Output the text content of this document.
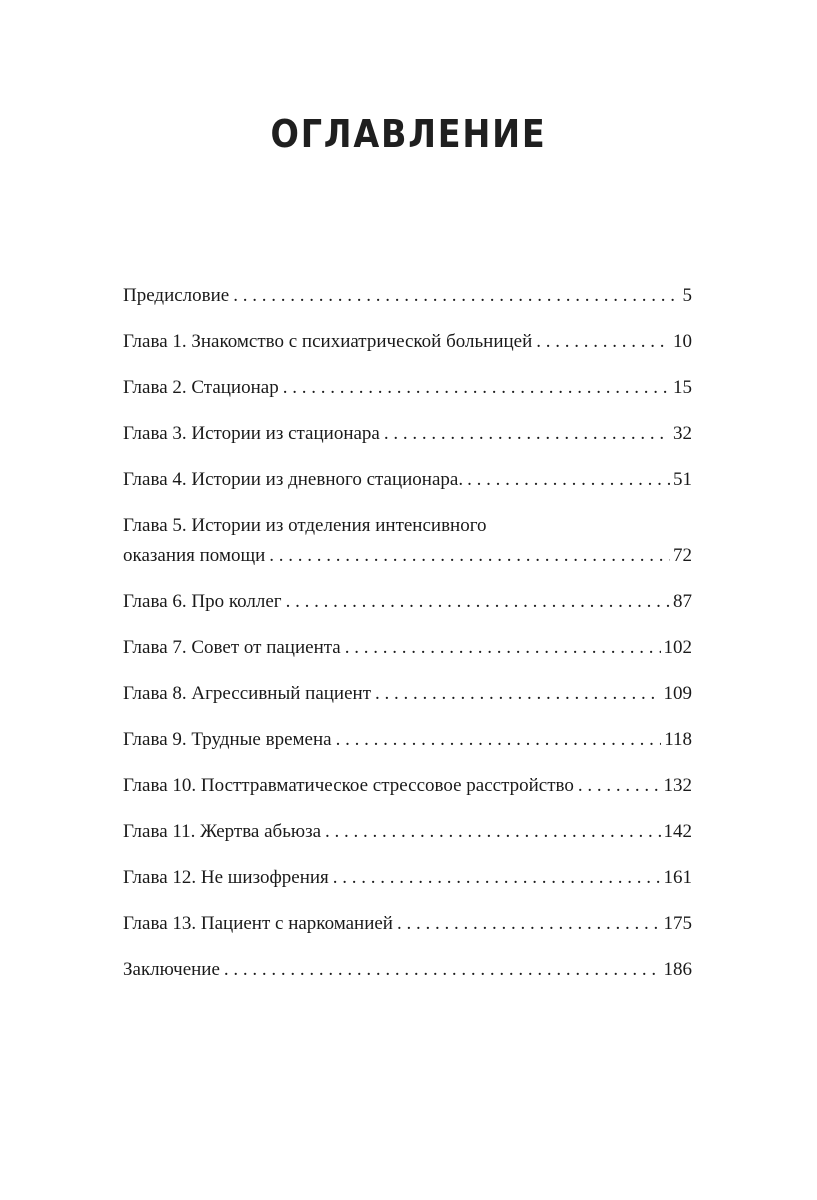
ОГЛАВЛЕНИЕ
Предисловие . . .	5
Глава 1. Знакомство с психиатрической больницей . . .	10
Глава 2. Стационар . . .	15
Глава 3. Истории из стационара . . .	32
Глава 4. Истории из дневного стационара. . . .	51
Глава 5. Истории из отделения интенсивного
оказания помощи . . .	72
Глава 6. Про коллег . . .	87
Глава 7. Совет от пациента . . .	102
Глава 8. Агрессивный пациент . . .	109
Глава 9. Трудные времена . . .	118
Глава 10. Посттравматическое стрессовое расстройство . . .	132
Глава 11. Жертва абьюза . . .	142
Глава 12. Не шизофрения . . .	161
Глава 13. Пациент с наркоманией . . .	175
Заключение . . .	186
